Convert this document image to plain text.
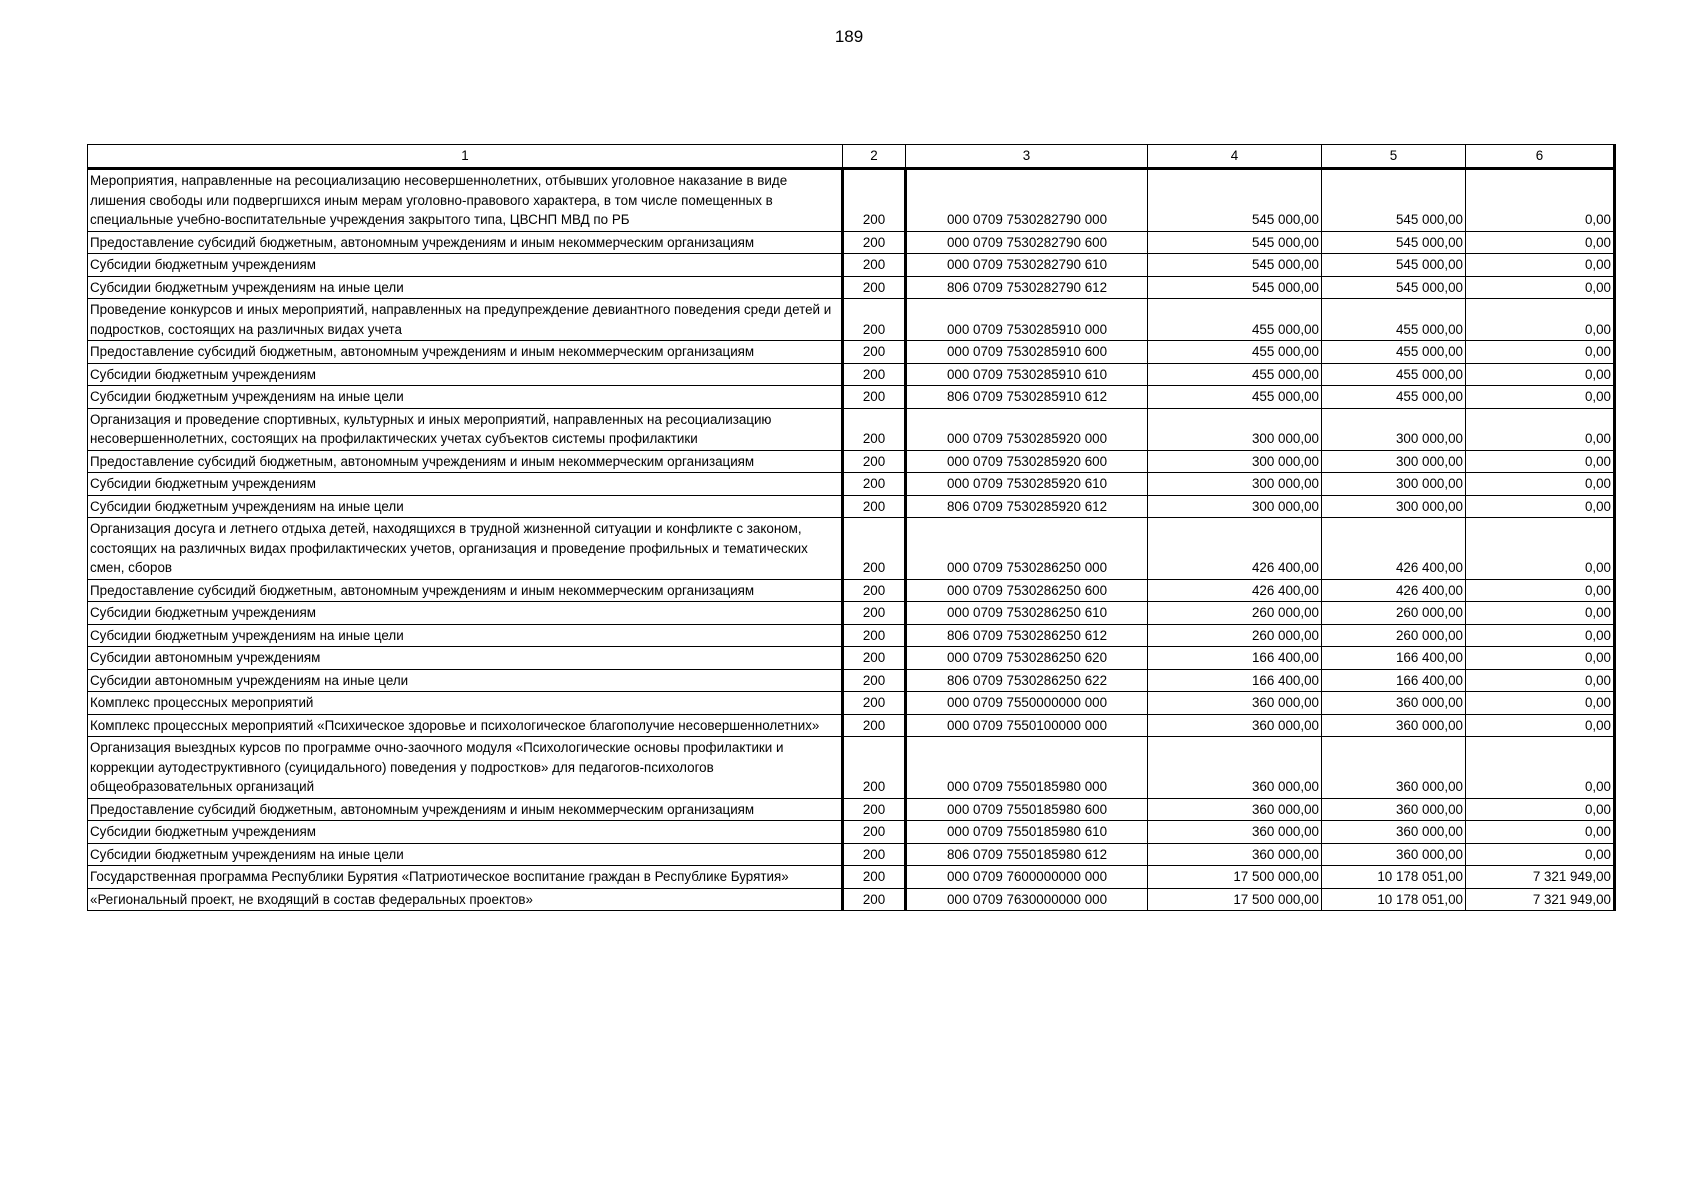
189
1	2	3	4	5	6
Мероприятия, направленные на ресоциализацию несовершеннолетних, отбывших уголовное наказание в виде лишения свободы или подвергшихся иным мерам уголовно-правового характера, в том числе помещенных в специальные учебно-воспитательные учреждения закрытого типа, ЦВСНП МВД по РБ	200	000 0709 7530282790 000	545 000,00	545 000,00	0,00
Предоставление субсидий бюджетным, автономным учреждениям и иным некоммерческим организациям	200	000 0709 7530282790 600	545 000,00	545 000,00	0,00
Субсидии бюджетным учреждениям	200	000 0709 7530282790 610	545 000,00	545 000,00	0,00
Субсидии бюджетным учреждениям на иные цели	200	806 0709 7530282790 612	545 000,00	545 000,00	0,00
Проведение конкурсов и иных мероприятий, направленных на предупреждение девиантного поведения среди детей и подростков, состоящих на различных видах учета	200	000 0709 7530285910 000	455 000,00	455 000,00	0,00
Предоставление субсидий бюджетным, автономным учреждениям и иным некоммерческим организациям	200	000 0709 7530285910 600	455 000,00	455 000,00	0,00
Субсидии бюджетным учреждениям	200	000 0709 7530285910 610	455 000,00	455 000,00	0,00
Субсидии бюджетным учреждениям на иные цели	200	806 0709 7530285910 612	455 000,00	455 000,00	0,00
Организация и проведение спортивных, культурных и иных мероприятий, направленных на ресоциализацию несовершеннолетних, состоящих на профилактических учетах субъектов системы профилактики	200	000 0709 7530285920 000	300 000,00	300 000,00	0,00
Предоставление субсидий бюджетным, автономным учреждениям и иным некоммерческим организациям	200	000 0709 7530285920 600	300 000,00	300 000,00	0,00
Субсидии бюджетным учреждениям	200	000 0709 7530285920 610	300 000,00	300 000,00	0,00
Субсидии бюджетным учреждениям на иные цели	200	806 0709 7530285920 612	300 000,00	300 000,00	0,00
Организация досуга и летнего отдыха детей, находящихся в трудной жизненной ситуации и конфликте с законом, состоящих на различных видах профилактических учетов, организация и проведение профильных и тематических смен, сборов	200	000 0709 7530286250 000	426 400,00	426 400,00	0,00
Предоставление субсидий бюджетным, автономным учреждениям и иным некоммерческим организациям	200	000 0709 7530286250 600	426 400,00	426 400,00	0,00
Субсидии бюджетным учреждениям	200	000 0709 7530286250 610	260 000,00	260 000,00	0,00
Субсидии бюджетным учреждениям на иные цели	200	806 0709 7530286250 612	260 000,00	260 000,00	0,00
Субсидии автономным учреждениям	200	000 0709 7530286250 620	166 400,00	166 400,00	0,00
Субсидии автономным учреждениям на иные цели	200	806 0709 7530286250 622	166 400,00	166 400,00	0,00
Комплекс процессных мероприятий	200	000 0709 7550000000 000	360 000,00	360 000,00	0,00
Комплекс процессных мероприятий «Психическое здоровье и психологическое благополучие несовершеннолетних»	200	000 0709 7550100000 000	360 000,00	360 000,00	0,00
Организация выездных курсов по программе очно-заочного модуля «Психологические основы профилактики и коррекции аутодеструктивного (суицидального) поведения у подростков» для педагогов-психологов общеобразовательных организаций	200	000 0709 7550185980 000	360 000,00	360 000,00	0,00
Предоставление субсидий бюджетным, автономным учреждениям и иным некоммерческим организациям	200	000 0709 7550185980 600	360 000,00	360 000,00	0,00
Субсидии бюджетным учреждениям	200	000 0709 7550185980 610	360 000,00	360 000,00	0,00
Субсидии бюджетным учреждениям на иные цели	200	806 0709 7550185980 612	360 000,00	360 000,00	0,00
Государственная программа Республики Бурятия «Патриотическое воспитание граждан в Республике Бурятия»	200	000 0709 7600000000 000	17 500 000,00	10 178 051,00	7 321 949,00
«Региональный проект, не входящий в состав федеральных проектов»	200	000 0709 7630000000 000	17 500 000,00	10 178 051,00	7 321 949,00
